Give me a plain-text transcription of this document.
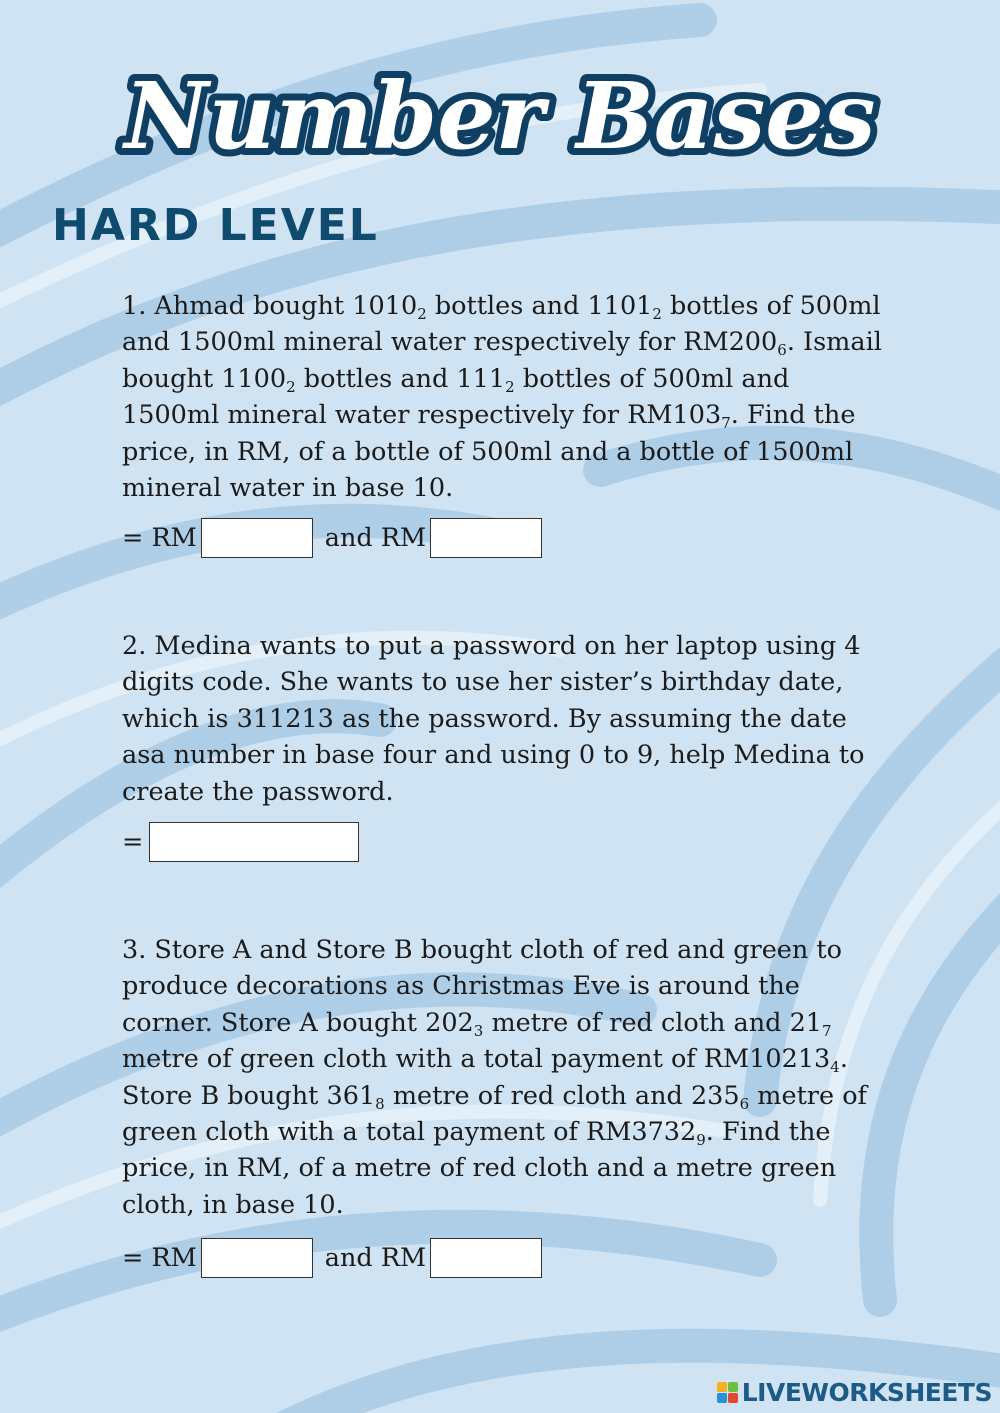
Number Bases
HARD LEVEL

1. Ahmad bought $1010_2$ bottles and $1101_2$ bottles of 500ml and 1500ml mineral water respectively for $RM200_6$. Ismail bought $1100_2$ bottles and $111_2$ bottles of 500ml and 1500ml mineral water respectively for $RM103_7$. Find the price, in RM, of a bottle of 500ml and a bottle of 1500ml mineral water in base 10.

= RM	and RM

2. Medina wants to put a password on her laptop using 4 digits code. She wants to use her sister’s birthday date, which is 311213 as the password. By assuming the date asa number in base four and using 0 to 9, help Medina to create the password.

=

3. Store A and Store B bought cloth of red and green to produce decorations as Christmas Eve is around the corner. Store A bought $202_3$ metre of red cloth and $21_7$ metre of green cloth with a total payment of $RM10213_4$. Store B bought $361_8$ metre of red cloth and $235_6$ metre of green cloth with a total payment of $RM3732_9$. Find the price, in RM, of a metre of red cloth and a metre green cloth, in base 10.

= RM	and RM
LIVEWORKSHEETS
